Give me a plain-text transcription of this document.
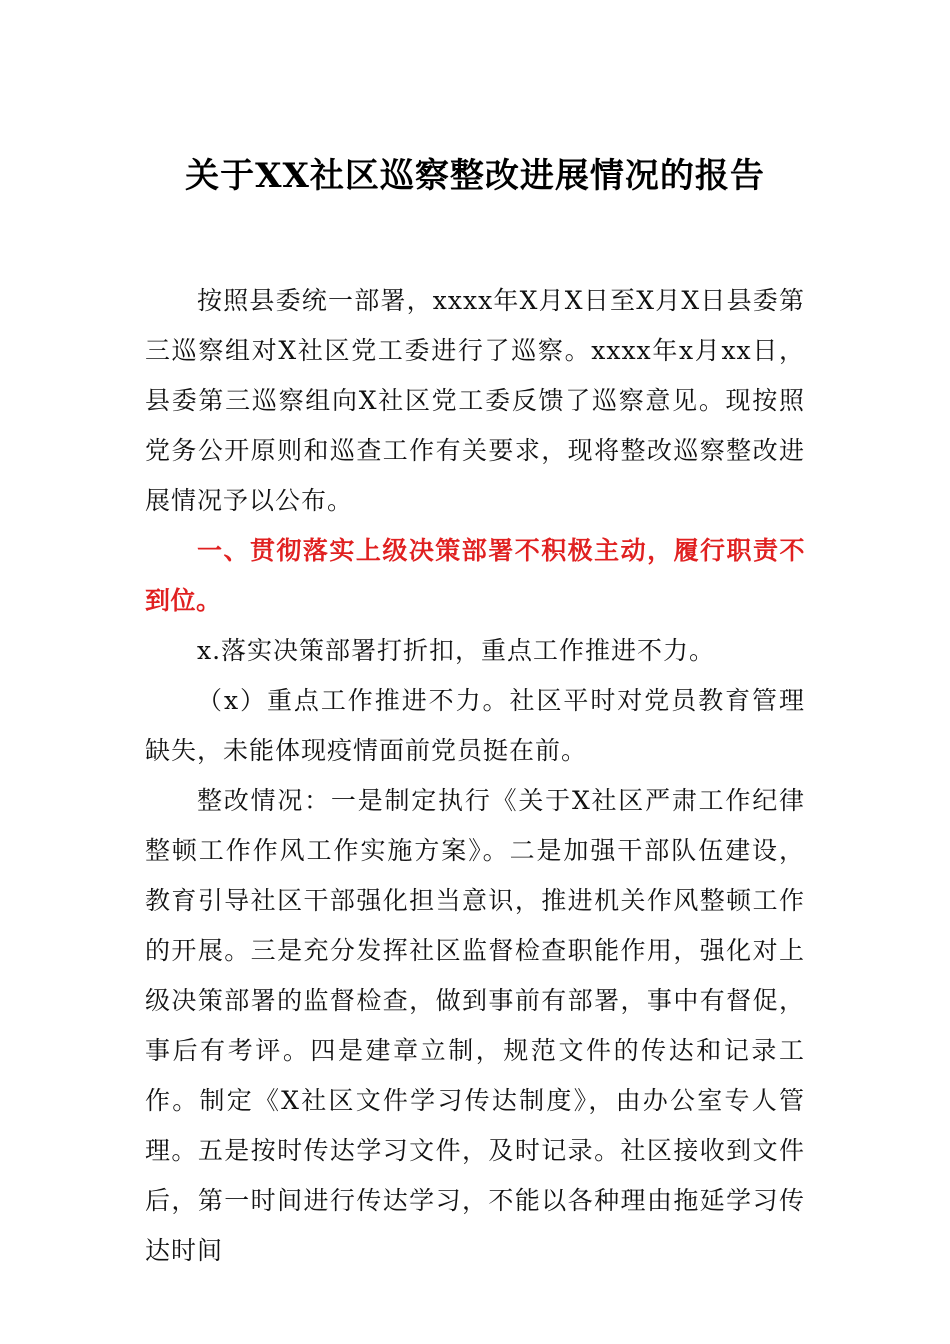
关于XX社区巡察整改进展情况的报告

按照县委统一部署，xxxx年X月X日至X月X日县委第三巡察组对X社区党工委进行了巡察。xxxx年x月xx日，县委第三巡察组向X社区党工委反馈了巡察意见。现按照党务公开原则和巡查工作有关要求，现将整改巡察整改进展情况予以公布。

一、贯彻落实上级决策部署不积极主动，履行职责不到位。

x.落实决策部署打折扣，重点工作推进不力。

（x）重点工作推进不力。社区平时对党员教育管理缺失，未能体现疫情面前党员挺在前。

整改情况：一是制定执行《关于X社区严肃工作纪律整顿工作作风工作实施方案》。二是加强干部队伍建设，教育引导社区干部强化担当意识，推进机关作风整顿工作的开展。三是充分发挥社区监督检查职能作用，强化对上级决策部署的监督检查，做到事前有部署，事中有督促，事后有考评。四是建章立制，规范文件的传达和记录工作。制定《X社区文件学习传达制度》，由办公室专人管理。五是按时传达学习文件，及时记录。社区接收到文件后，第一时间进行传达学习，不能以各种理由拖延学习传达时间
